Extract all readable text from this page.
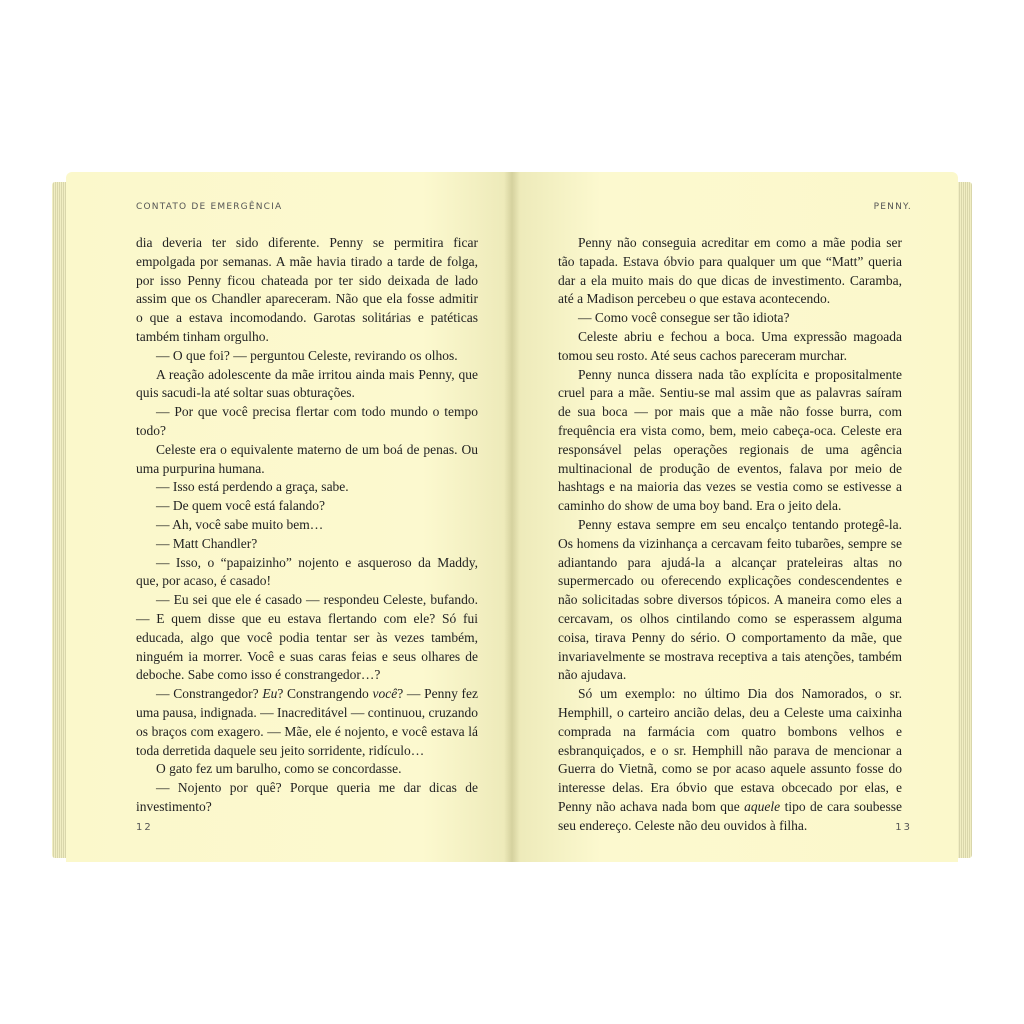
CONTATO DE EMERGÊNCIA

dia deveria ter sido diferente. Penny se permitira ficar empolgada por semanas. A mãe havia tirado a tarde de folga, por isso Penny ficou chateada por ter sido deixada de lado assim que os Chandler apareceram. Não que ela fosse admitir o que a estava incomodando. Garotas solitárias e patéticas também tinham orgulho.

— O que foi? — perguntou Celeste, revirando os olhos.

A reação adolescente da mãe irritou ainda mais Penny, que quis sacudi-la até soltar suas obturações.

— Por que você precisa flertar com todo mundo o tempo todo?

Celeste era o equivalente materno de um boá de penas. Ou uma purpurina humana.

— Isso está perdendo a graça, sabe.

— De quem você está falando?

— Ah, você sabe muito bem…

— Matt Chandler?

— Isso, o “papaizinho” nojento e asqueroso da Maddy, que, por acaso, é casado!

— Eu sei que ele é casado — respondeu Celeste, bufando. — E quem disse que eu estava flertando com ele? Só fui educada, algo que você podia tentar ser às vezes também, ninguém ia morrer. Você e suas caras feias e seus olhares de deboche. Sabe como isso é constrangedor…?

— Constrangedor? Eu? Constrangendo você? — Penny fez uma pausa, indignada. — Inacreditável — continuou, cruzando os braços com exagero. — Mãe, ele é nojento, e você estava lá toda derretida daquele seu jeito sorridente, ridículo…

O gato fez um barulho, como se concordasse.

— Nojento por quê? Porque queria me dar dicas de investimento?

12
PENNY.

Penny não conseguia acreditar em como a mãe podia ser tão tapada. Estava óbvio para qualquer um que “Matt” queria dar a ela muito mais do que dicas de investimento. Caramba, até a Madison percebeu o que estava acontecendo.

— Como você consegue ser tão idiota?

Celeste abriu e fechou a boca. Uma expressão magoada tomou seu rosto. Até seus cachos pareceram murchar.

Penny nunca dissera nada tão explícita e propositalmente cruel para a mãe. Sentiu-se mal assim que as palavras saíram de sua boca — por mais que a mãe não fosse burra, com frequência era vista como, bem, meio cabeça-oca. Celeste era responsável pelas operações regionais de uma agência multinacional de produção de eventos, falava por meio de hashtags e na maioria das vezes se vestia como se estivesse a caminho do show de uma boy band. Era o jeito dela.

Penny estava sempre em seu encalço tentando protegê-la. Os homens da vizinhança a cercavam feito tubarões, sempre se adiantando para ajudá-la a alcançar prateleiras altas no supermercado ou oferecendo explicações condescendentes e não solicitadas sobre diversos tópicos. A maneira como eles a cercavam, os olhos cintilando como se esperassem alguma coisa, tirava Penny do sério. O comportamento da mãe, que invariavelmente se mostrava receptiva a tais atenções, também não ajudava.

Só um exemplo: no último Dia dos Namorados, o sr. Hemphill, o carteiro ancião delas, deu a Celeste uma caixinha comprada na farmácia com quatro bombons velhos e esbranquiçados, e o sr. Hemphill não parava de mencionar a Guerra do Vietnã, como se por acaso aquele assunto fosse do interesse delas. Era óbvio que estava obcecado por elas, e Penny não achava nada bom que aquele tipo de cara soubesse seu endereço. Celeste não deu ouvidos à filha.	13
